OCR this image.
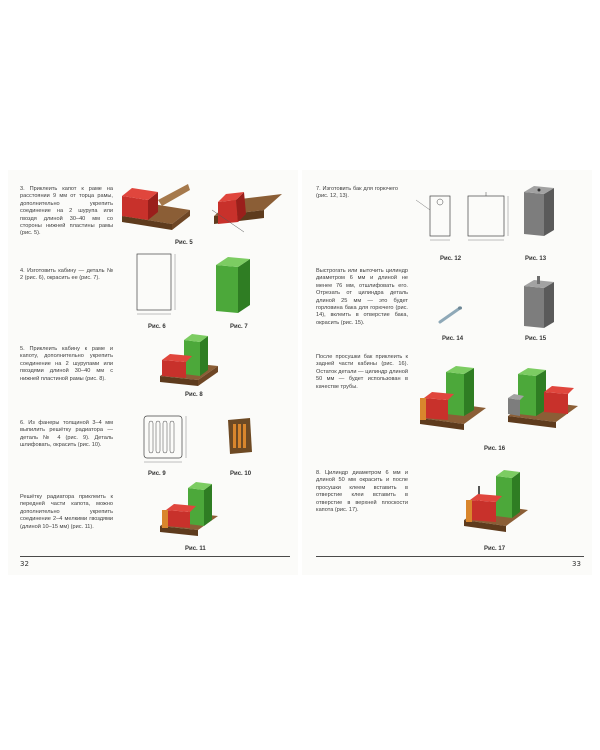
3. Приклеить капот к раме на расстоянии 9 мм от торца рамы, дополнительно укрепить соединение на 2 шурупа или гвоздя длиной 30–40 мм со стороны нижней пластины рамы (рис. 5).
Рис. 5
4. Изготовить кабину — деталь № 2 (рис. 6), окрасить ее (рис. 7).
Рис. 6	Рис. 7
5. Приклеить кабину к раме и капоту, дополнительно укрепить соединение на 2 шурупами или гвоздями длиной 30–40 мм с нижней пластиной рамы (рис. 8).
Рис. 8
6. Из фанеры толщиной 3–4 мм выпилить решётку радиатора — деталь № 4 (рис. 9). Деталь шлифовать, окрасить (рис. 10).
Рис. 9	Рис. 10
Решётку радиатора приклеить к передней части капота, можно дополнительно укрепить соединение 2–4 мелкими гвоздями (длиной 10–15 мм) (рис. 11).
Рис. 11
32
7. Изготовить бак для горючего (рис. 12, 13).
Рис. 12	Рис. 13
Выстрогать или выточить цилиндр диаметром 6 мм и длиной не менее 76 мм, отшлифовать его. Отрезать от цилиндра деталь длиной 25 мм — это будет горловина бака для горючего (рис. 14), вклеить в отверстие бака, окрасить (рис. 15).
Рис. 14	Рис. 15
После просушки бак приклеить к задней части кабины (рис. 16). Остаток детали — цилиндр длиной 50 мм — будет использован в качестве трубы.
Рис. 16
8. Цилиндр диаметром 6 мм и длиной 50 мм окрасить и после просушки клеем вставить в отверстие клеи вставить в отверстие в верхней плоскости капота (рис. 17).
Рис. 17
33
